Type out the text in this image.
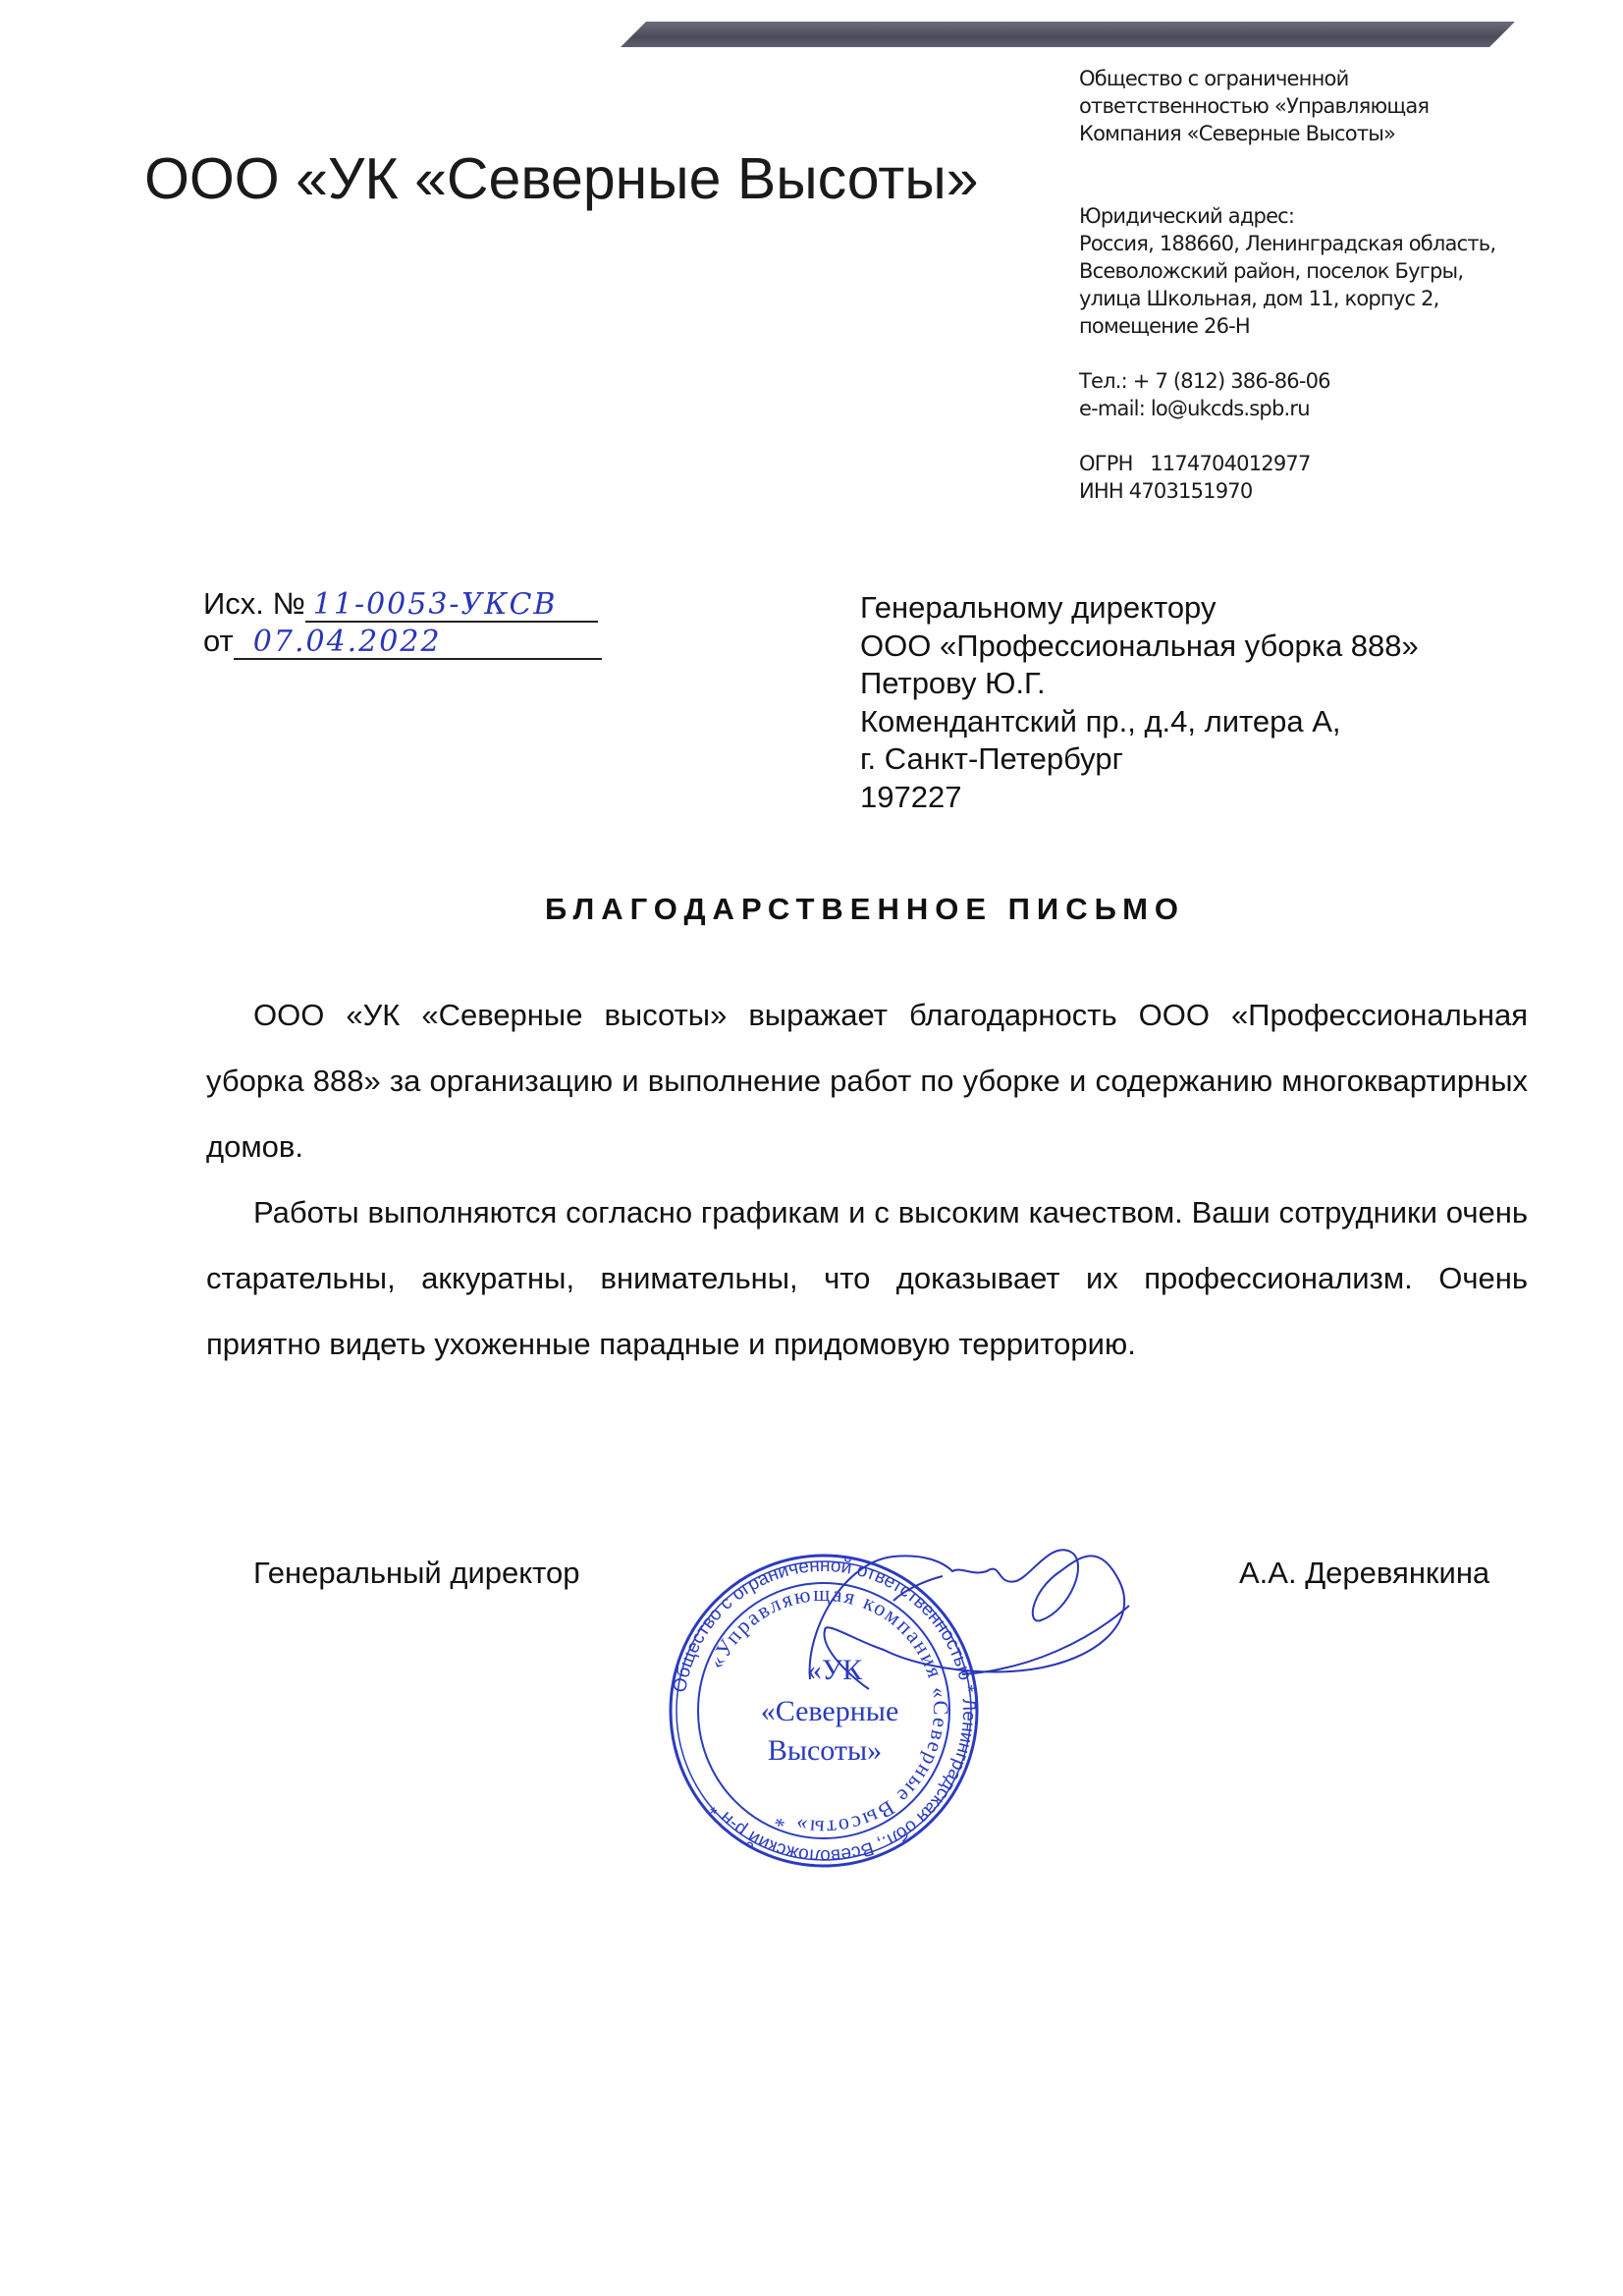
Общество с ограниченной
ответственностью «Управляющая
Компания «Северные Высоты»
Юридический адрес:
Россия, 188660, Ленинградская область,
Всеволожский район, поселок Бугры,
улица Школьная, дом 11, корпус 2,
помещение 26-Н
Тел.: + 7 (812) 386-86-06
e-mail: lo@ukcds.spb.ru
ОГРН   1174704012977
ИНН 4703151970
ООО «УК «Северные Высоты»
Исх. № 11-0053-УКСВ
от 07.04.2022
Генеральному директору
ООО «Профессиональная уборка 888»
Петрову Ю.Г.
Комендантский пр., д.4, литера А,
г. Санкт-Петербург
197227
БЛАГОДАРСТВЕННОЕ ПИСЬМО

ООО «УК «Северные высоты» выражает благодарность ООО «Профессиональная уборка 888» за организацию и выполнение работ по уборке и содержанию многоквартирных домов.

Работы выполняются согласно графикам и с высоким качеством. Ваши сотрудники очень старательны, аккуратны, внимательны, что доказывает их профессионализм. Очень приятно видеть ухоженные парадные и придомовую территорию.

Генеральный директор	А.А. Деревянкина
Общество с ограниченной ответственностью * Ленинградская обл., Всеволожский р-н *
«Управляющая компания «Северные Высоты» *
«УК
«Северные
Высоты»
